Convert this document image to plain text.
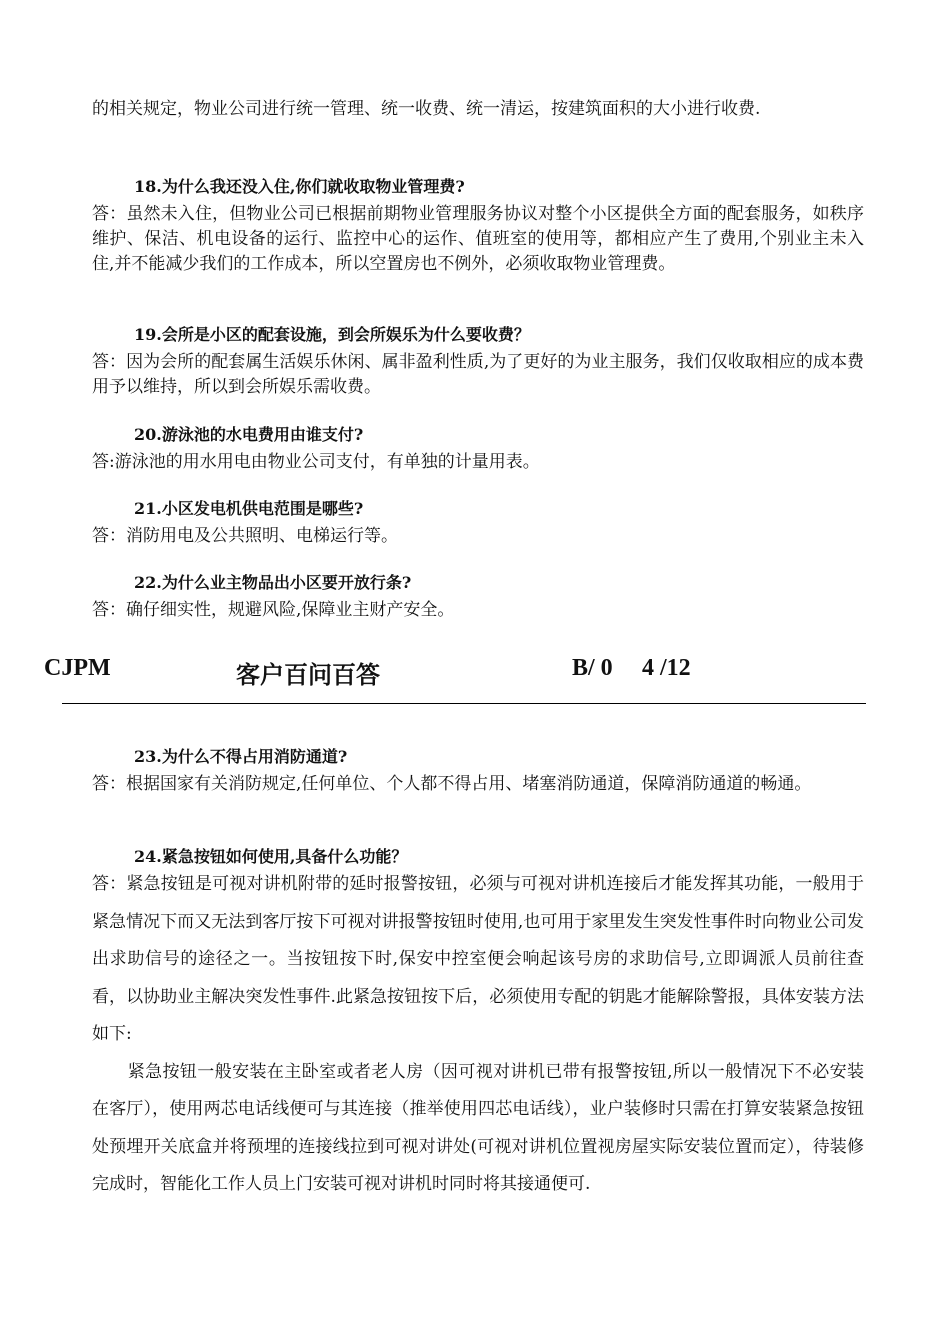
的相关规定，物业公司进行统一管理、统一收费、统一清运，按建筑面积的大小进行收费.

18.为什么我还没入住,你们就收取物业管理费?

答：虽然未入住，但物业公司已根据前期物业管理服务协议对整个小区提供全方面的配套服务，如秩序维护、保洁、机电设备的运行、监控中心的运作、值班室的使用等，都相应产生了费用,个别业主未入住,并不能减少我们的工作成本，所以空置房也不例外，必须收取物业管理费。

19.会所是小区的配套设施，到会所娱乐为什么要收费？

答：因为会所的配套属生活娱乐休闲、属非盈利性质,为了更好的为业主服务，我们仅收取相应的成本费用予以维持，所以到会所娱乐需收费。

20.游泳池的水电费用由谁支付?

答:游泳池的用水用电由物业公司支付，有单独的计量用表。

21.小区发电机供电范围是哪些?

答：消防用电及公共照明、电梯运行等。

22.为什么业主物品出小区要开放行条?

答：确仔细实性，规避风险,保障业主财产安全。

CJPM	客户百问百答	B/ 0 4 /12

23.为什么不得占用消防通道?

答：根据国家有关消防规定,任何单位、个人都不得占用、堵塞消防通道，保障消防通道的畅通。

24.紧急按钮如何使用,具备什么功能？

答：紧急按钮是可视对讲机附带的延时报警按钮，必须与可视对讲机连接后才能发挥其功能，一般用于紧急情况下而又无法到客厅按下可视对讲报警按钮时使用,也可用于家里发生突发性事件时向物业公司发出求助信号的途径之一。当按钮按下时,保安中控室便会响起该号房的求助信号,立即调派人员前往查看，以协助业主解决突发性事件.此紧急按钮按下后，必须使用专配的钥匙才能解除警报，具体安装方法如下:

紧急按钮一般安装在主卧室或者老人房（因可视对讲机已带有报警按钮,所以一般情况下不必安装在客厅），使用两芯电话线便可与其连接（推举使用四芯电话线），业户装修时只需在打算安装紧急按钮处预埋开关底盒并将预埋的连接线拉到可视对讲处(可视对讲机位置视房屋实际安装位置而定），待装修完成时，智能化工作人员上门安装可视对讲机时同时将其接通便可.
